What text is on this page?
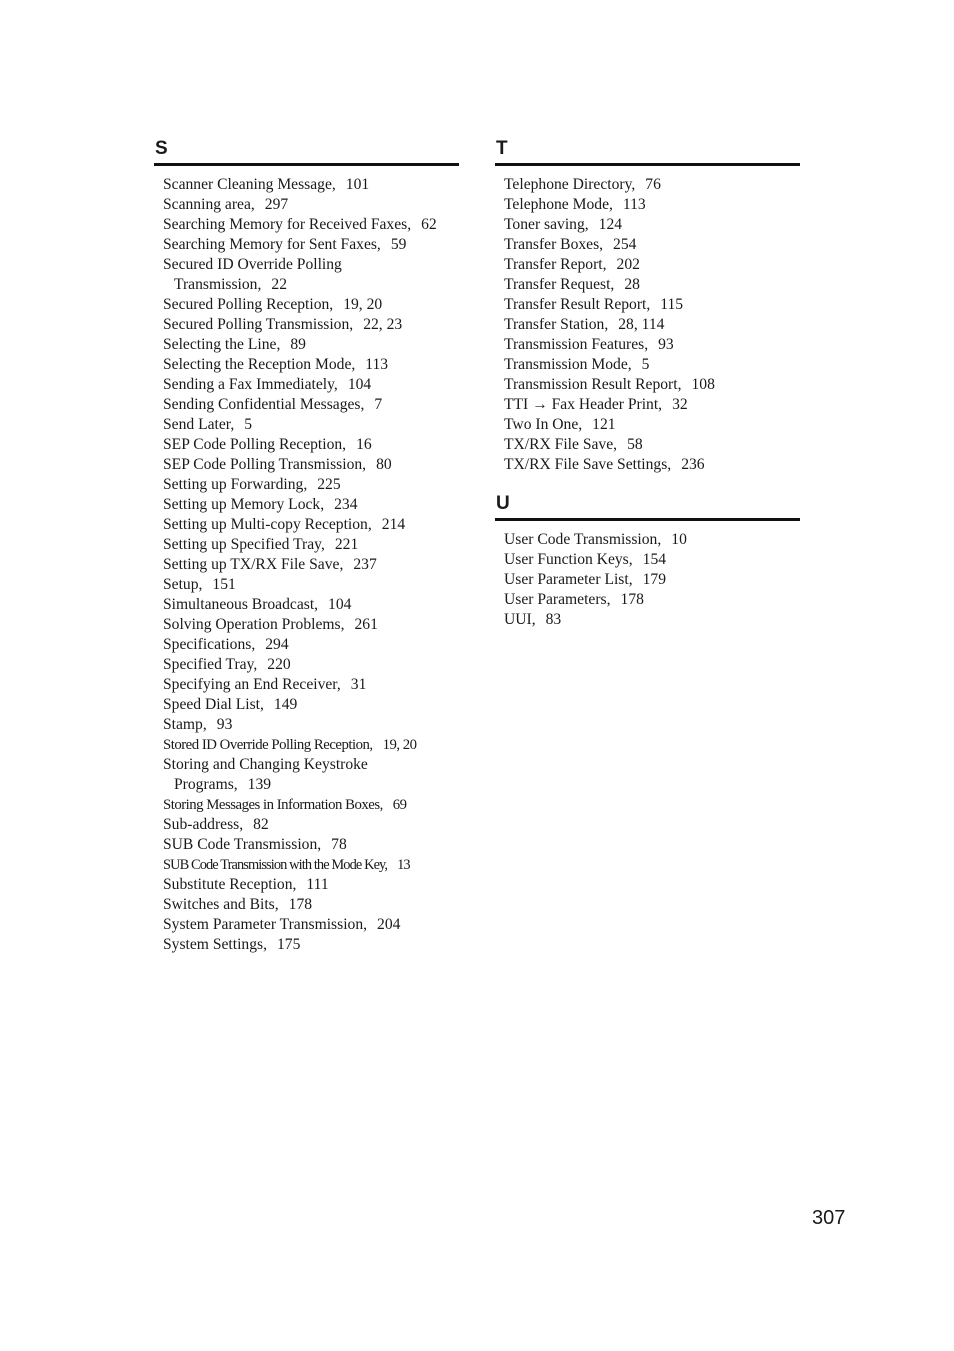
S
Scanner Cleaning Message, 101
Scanning area, 297
Searching Memory for Received Faxes, 62
Searching Memory for Sent Faxes, 59
Secured ID Override Polling Transmission, 22
Secured Polling Reception, 19, 20
Secured Polling Transmission, 22, 23
Selecting the Line, 89
Selecting the Reception Mode, 113
Sending a Fax Immediately, 104
Sending Confidential Messages, 7
Send Later, 5
SEP Code Polling Reception, 16
SEP Code Polling Transmission, 80
Setting up Forwarding, 225
Setting up Memory Lock, 234
Setting up Multi-copy Reception, 214
Setting up Specified Tray, 221
Setting up TX/RX File Save, 237
Setup, 151
Simultaneous Broadcast, 104
Solving Operation Problems, 261
Specifications, 294
Specified Tray, 220
Specifying an End Receiver, 31
Speed Dial List, 149
Stamp, 93
Stored ID Override Polling Reception, 19, 20
Storing and Changing Keystroke Programs, 139
Storing Messages in Information Boxes, 69
Sub-address, 82
SUB Code Transmission, 78
SUB Code Transmission with the Mode Key, 13
Substitute Reception, 111
Switches and Bits, 178
System Parameter Transmission, 204
System Settings, 175
T
Telephone Directory, 76
Telephone Mode, 113
Toner saving, 124
Transfer Boxes, 254
Transfer Report, 202
Transfer Request, 28
Transfer Result Report, 115
Transfer Station, 28, 114
Transmission Features, 93
Transmission Mode, 5
Transmission Result Report, 108
TTI → Fax Header Print, 32
Two In One, 121
TX/RX File Save, 58
TX/RX File Save Settings, 236
U
User Code Transmission, 10
User Function Keys, 154
User Parameter List, 179
User Parameters, 178
UUI, 83
307
